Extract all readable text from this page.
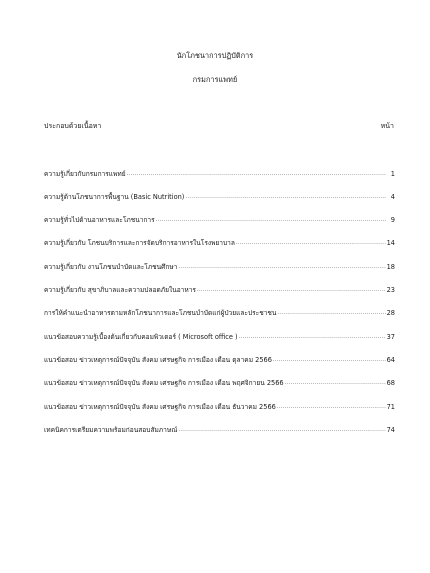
นักโภชนาการปฏิบัติการ
กรมการแพทย์
ประกอบด้วยเนื้อหา	หน้า
ความรู้เกี่ยวกับกรมการแพทย์ .....	1
ความรู้ด้านโภชนาการพื้นฐาน (Basic Nutrition) .....	4
ความรู้ทั่วไปด้านอาหารและโภชนาการ .....	9
ความรู้เกี่ยวกับ โภชนบริการและการจัดบริการอาหารในโรงพยาบาล .....	14
ความรู้เกี่ยวกับ งานโภชนบำบัดและโภชนศึกษา .....	18
ความรู้เกี่ยวกับ สุขาภิบาลและความปลอดภัยในอาหาร .....	23
การให้คำแนะนำอาหารตามหลักโภชนาการและโภชนบำบัดแก่ผู้ป่วยและประชาชน .....	28
แนวข้อสอบความรู้เบื้องต้นเกี่ยวกับคอมพิวเตอร์ ( Microsoft office ) .....	37
แนวข้อสอบ ข่าวเหตุการณ์ปัจจุบัน สังคม เศรษฐกิจ การเมือง เดือน ตุลาคม 2566 .....	64
แนวข้อสอบ ข่าวเหตุการณ์ปัจจุบัน สังคม เศรษฐกิจ การเมือง เดือน พฤศจิกายน 2566 .....	68
แนวข้อสอบ ข่าวเหตุการณ์ปัจจุบัน สังคม เศรษฐกิจ การเมือง เดือน ธันวาคม 2566 .....	71
เทคนิคการเตรียมความพร้อมก่อนสอบสัมภาษณ์ .....	74
